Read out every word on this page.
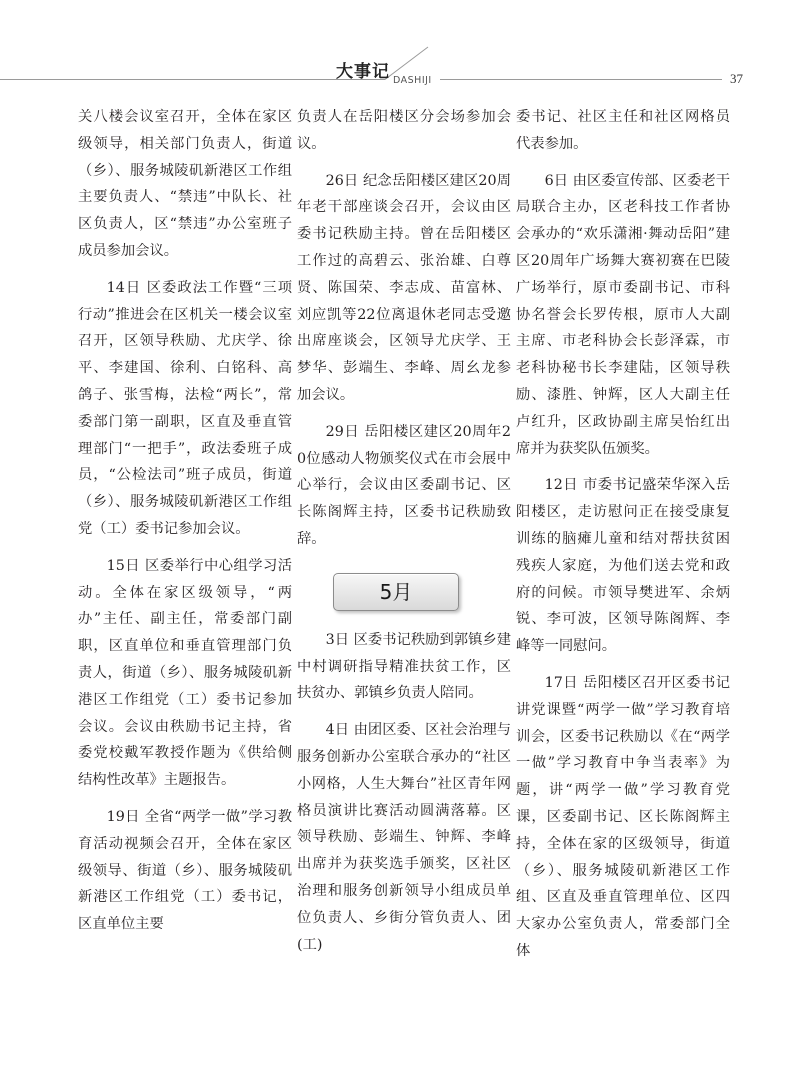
大事记 DASHIJI	37

关八楼会议室召开，全体在家区级领导，相关部门负责人，街道（乡）、服务城陵矶新港区工作组主要负责人、“禁违”中队长、社区负责人，区“禁违”办公室班子成员参加会议。

14日 区委政法工作暨“三项行动”推进会在区机关一楼会议室召开，区领导秩励、尤庆学、徐平、李建国、徐利、白铭科、高鸽子、张雪梅，法检“两长”，常委部门第一副职，区直及垂直管理部门“一把手”，政法委班子成员，“公检法司”班子成员，街道（乡）、服务城陵矶新港区工作组党（工）委书记参加会议。

15日 区委举行中心组学习活动。全体在家区级领导，“两办”主任、副主任，常委部门副职，区直单位和垂直管理部门负责人，街道（乡）、服务城陵矶新港区工作组党（工）委书记参加会议。会议由秩励书记主持，省委党校戴军教授作题为《供给侧结构性改革》主题报告。

19日 全省“两学一做”学习教育活动视频会召开，全体在家区级领导、街道（乡）、服务城陵矶新港区工作组党（工）委书记，区直单位主要

负责人在岳阳楼区分会场参加会议。

26日 纪念岳阳楼区建区20周年老干部座谈会召开，会议由区委书记秩励主持。曾在岳阳楼区工作过的高碧云、张治雄、白尊贤、陈国荣、李志成、苗富林、刘应凯等22位离退休老同志受邀出席座谈会，区领导尤庆学、王梦华、彭端生、李峰、周幺龙参加会议。

29日 岳阳楼区建区20周年20位感动人物颁奖仪式在市会展中心举行，会议由区委副书记、区长陈阁辉主持，区委书记秩励致辞。

5月

3日 区委书记秩励到郭镇乡建中村调研指导精准扶贫工作，区扶贫办、郭镇乡负责人陪同。

4日 由团区委、区社会治理与服务创新办公室联合承办的“社区小网格，人生大舞台”社区青年网格员演讲比赛活动圆满落幕。区领导秩励、彭端生、钟辉、李峰出席并为获奖选手颁奖，区社区治理和服务创新领导小组成员单位负责人、乡街分管负责人、团(工)

委书记、社区主任和社区网格员代表参加。

6日 由区委宣传部、区委老干局联合主办，区老科技工作者协会承办的“欢乐潇湘·舞动岳阳”建区20周年广场舞大赛初赛在巴陵广场举行，原市委副书记、市科协名誉会长罗传根，原市人大副主席、市老科协会长彭泽霖，市老科协秘书长李建陆，区领导秩励、漆胜、钟辉，区人大副主任卢红升，区政协副主席吴怡红出席并为获奖队伍颁奖。

12日 市委书记盛荣华深入岳阳楼区，走访慰问正在接受康复训练的脑瘫儿童和结对帮扶贫困残疾人家庭，为他们送去党和政府的问候。市领导樊进军、余炳锐、李可波，区领导陈阁辉、李峰等一同慰问。

17日 岳阳楼区召开区委书记讲党课暨“两学一做”学习教育培训会，区委书记秩励以《在“两学一做”学习教育中争当表率》为题，讲“两学一做”学习教育党课，区委副书记、区长陈阁辉主持，全体在家的区级领导，街道（乡）、服务城陵矶新港区工作组、区直及垂直管理单位、区四大家办公室负责人，常委部门全体
